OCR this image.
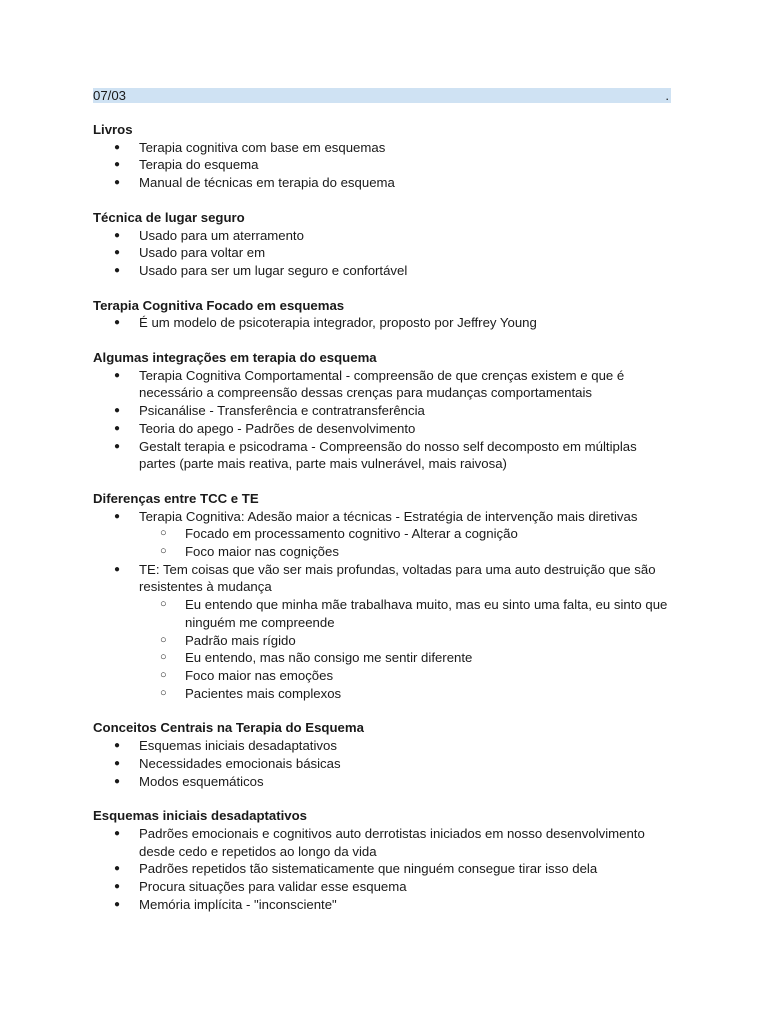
07/03	.
Livros
● Terapia cognitiva com base em esquemas
● Terapia do esquema
● Manual de técnicas em terapia do esquema
Técnica de lugar seguro
● Usado para um aterramento
● Usado para voltar em
● Usado para ser um lugar seguro e confortável
Terapia Cognitiva Focado em esquemas
● É um modelo de psicoterapia integrador, proposto por Jeffrey Young
Algumas integrações em terapia do esquema
● Terapia Cognitiva Comportamental - compreensão de que crenças existem e que é necessário a compreensão dessas crenças para mudanças comportamentais
● Psicanálise - Transferência e contratransferência
● Teoria do apego - Padrões de desenvolvimento
● Gestalt terapia e psicodrama - Compreensão do nosso self decomposto em múltiplas partes (parte mais reativa, parte mais vulnerável, mais raivosa)
Diferenças entre TCC e TE
● Terapia Cognitiva: Adesão maior a técnicas - Estratégia de intervenção mais diretivas
○ Focado em processamento cognitivo - Alterar a cognição
○ Foco maior nas cognições
● TE: Tem coisas que vão ser mais profundas, voltadas para uma auto destruição que são resistentes à mudança
○ Eu entendo que minha mãe trabalhava muito, mas eu sinto uma falta, eu sinto que ninguém me compreende
○ Padrão mais rígido
○ Eu entendo, mas não consigo me sentir diferente
○ Foco maior nas emoções
○ Pacientes mais complexos
Conceitos Centrais na Terapia do Esquema
● Esquemas iniciais desadaptativos
● Necessidades emocionais básicas
● Modos esquemáticos
Esquemas iniciais desadaptativos
● Padrões emocionais e cognitivos auto derrotistas iniciados em nosso desenvolvimento desde cedo e repetidos ao longo da vida
● Padrões repetidos tão sistematicamente que ninguém consegue tirar isso dela
● Procura situações para validar esse esquema
● Memória implícita - "inconsciente"
